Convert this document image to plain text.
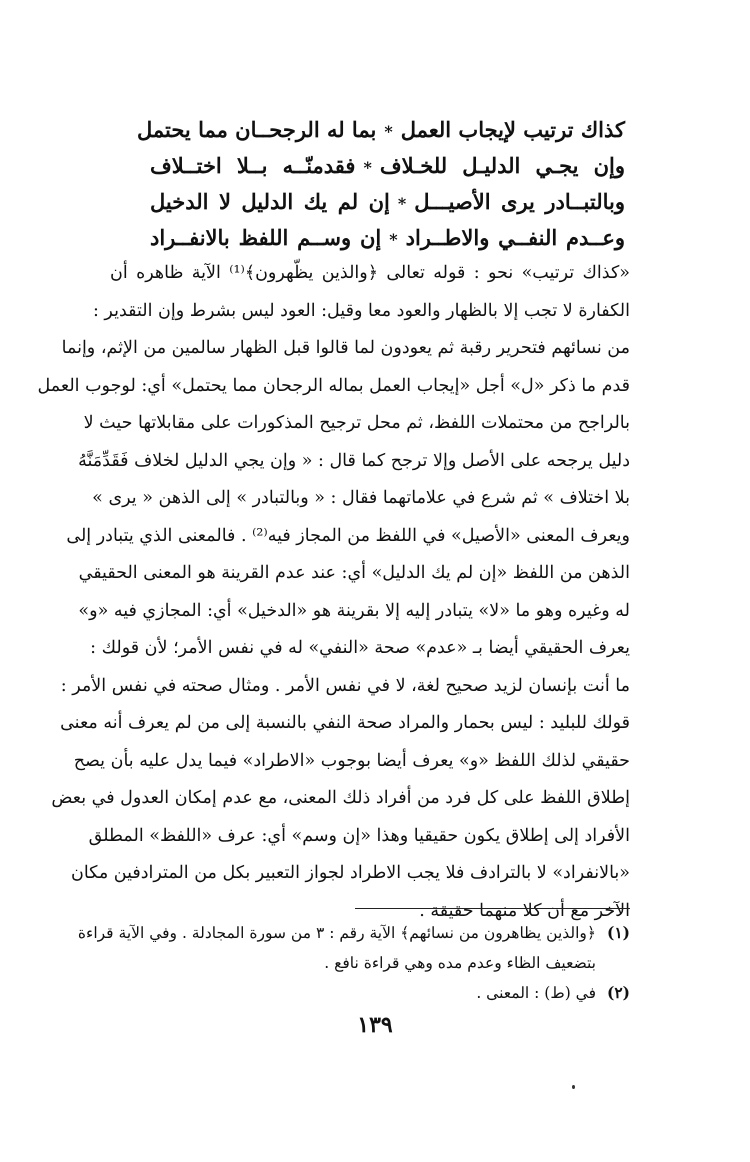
كذاك ترتيب لإيجاب العمل*بما له الرجحــان مما يحتمل
وإن يجـي الدليـل للخـلاف*فقدمنّــه بــلا اختــلاف
وبالتبــادر يرى الأصيـــل*إن لم يك الدليل لا الدخيل
وعــدم النفــي والاطــراد*إن وســم اللفظ بالانفــراد
«كذاك ترتيب» نحو : قوله تعالى ﴿والذين يظّهرون﴾⁽¹⁾ الآية ظاهره أن
الكفارة لا تجب إلا بالظهار والعود معا وقيل: العود ليس بشرط وإن التقدير :
من نسائهم فتحرير رقبة ثم يعودون لما قالوا قبل الظهار سالمين من الإثم، وإنما
قدم ما ذكر «ل» أجل «إيجاب العمل بماله الرجحان مما يحتمل» أي: لوجوب العمل
بالراجح من محتملات اللفظ، ثم محل ترجيح المذكورات على مقابلاتها حيث لا
دليل يرجحه على الأصل وإلا ترجح كما قال : « وإن يجي الدليل لخلاف فَقَدِّمَنَّهُ
بلا اختلاف » ثم شرع في علاماتهما فقال : « وبالتبادر » إلى الذهن « يرى »
ويعرف المعنى «الأصيل» في اللفظ من المجاز فيه⁽²⁾ . فالمعنى الذي يتبادر إلى
الذهن من اللفظ «إن لم يك الدليل» أي: عند عدم القرينة هو المعنى الحقيقي
له وغيره وهو ما «لا» يتبادر إليه إلا بقرينة هو «الدخيل» أي: المجازي فيه «و»
يعرف الحقيقي أيضا بـ «عدم» صحة «النفي» له في نفس الأمر؛ لأن قولك :
ما أنت بإنسان لزيد صحيح لغة، لا في نفس الأمر . ومثال صحته في نفس الأمر :
قولك للبليد : ليس بحمار والمراد صحة النفي بالنسبة إلى من لم يعرف أنه معنى
حقيقي لذلك اللفظ «و» يعرف أيضا بوجوب «الاطراد» فيما يدل عليه بأن يصح
إطلاق اللفظ على كل فرد من أفراد ذلك المعنى، مع عدم إمكان العدول في بعض
الأفراد إلى إطلاق يكون حقيقيا وهذا «إن وسم» أي: عرف «اللفظ» المطلق
«بالانفراد» لا بالترادف فلا يجب الاطراد لجواز التعبير بكل من المترادفين مكان
الآخر مع أن كلا منهما حقيقة .
(١)﴿والذين يظاهرون من نسائهم﴾ الآية رقم : ٣ من سورة المجادلة . وفي الآية قراءة
بتضعيف الظاء وعدم مده وهي قراءة نافع .
(٢)في (ط) : المعنى .
١٣٩
